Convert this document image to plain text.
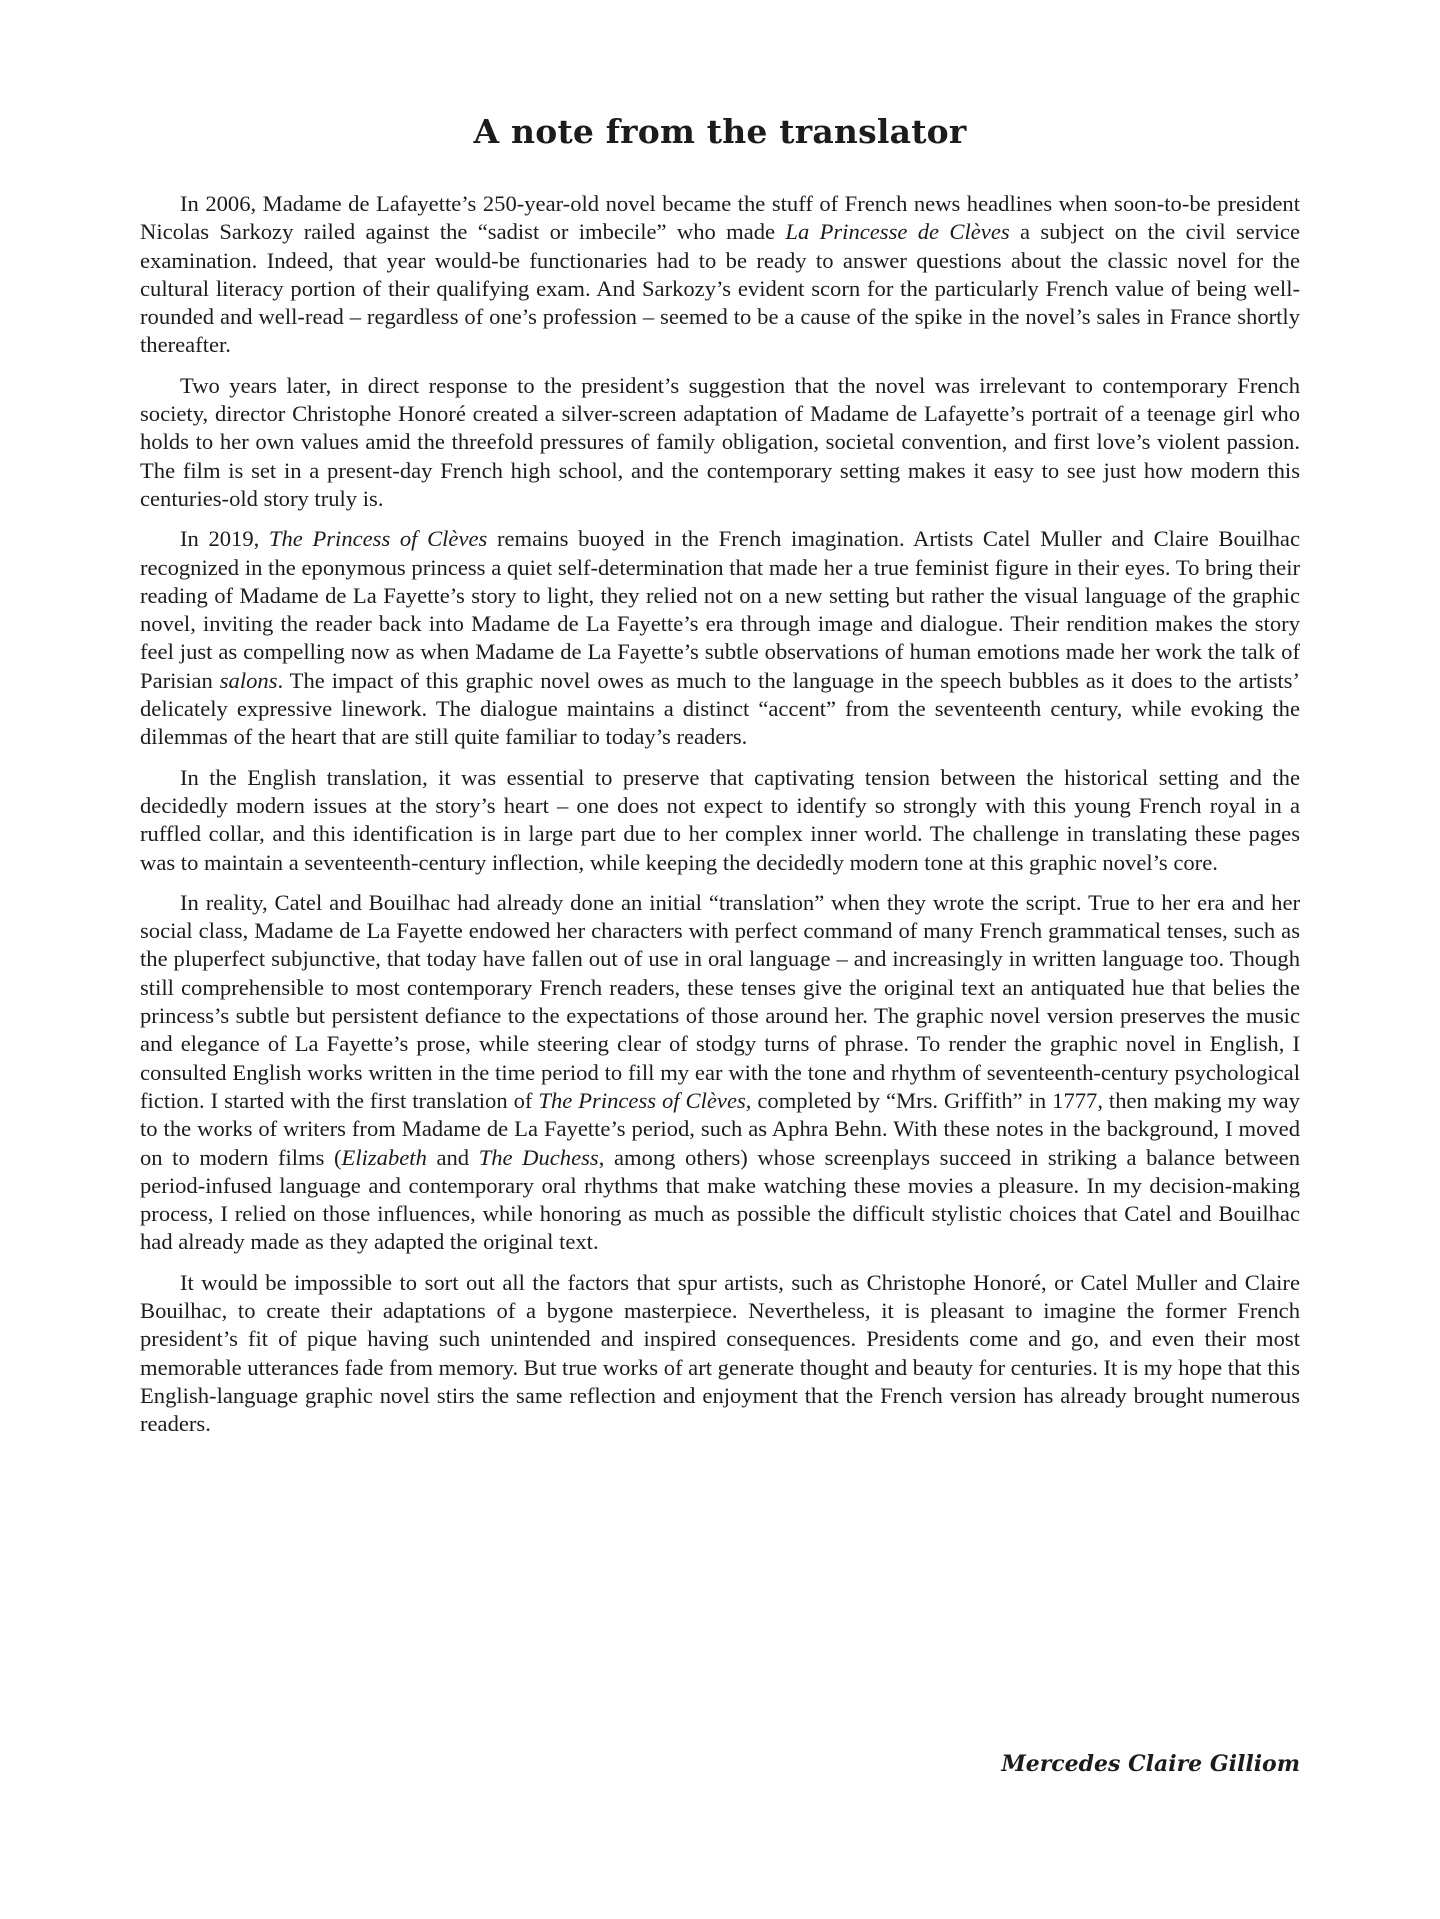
A note from the translator

In 2006, Madame de Lafayette’s 250-year-old novel became the stuff of French news headlines when soon-to-be president Nicolas Sarkozy railed against the “sadist or imbecile” who made La Princesse de Clèves a subject on the civil service examination. Indeed, that year would-be functionaries had to be ready to answer questions about the classic novel for the cultural literacy portion of their qualifying exam. And Sarkozy’s evident scorn for the particularly French value of being well-rounded and well-read – regardless of one’s profession – seemed to be a cause of the spike in the novel’s sales in France shortly thereafter.

Two years later, in direct response to the president’s suggestion that the novel was irrelevant to contemporary French society, director Christophe Honoré created a silver-screen adaptation of Madame de Lafayette’s portrait of a teenage girl who holds to her own values amid the threefold pressures of family obligation, societal convention, and first love’s violent passion. The film is set in a present-day French high school, and the contemporary setting makes it easy to see just how modern this centuries-old story truly is.

In 2019, The Princess of Clèves remains buoyed in the French imagination. Artists Catel Muller and Claire Bouilhac recognized in the eponymous princess a quiet self-determination that made her a true feminist figure in their eyes. To bring their reading of Madame de La Fayette’s story to light, they relied not on a new setting but rather the visual language of the graphic novel, inviting the reader back into Madame de La Fayette’s era through image and dialogue. Their rendition makes the story feel just as compelling now as when Madame de La Fayette’s subtle observations of human emotions made her work the talk of Parisian salons. The impact of this graphic novel owes as much to the language in the speech bubbles as it does to the artists’ delicately expressive linework. The dialogue maintains a distinct “accent” from the seventeenth century, while evoking the dilemmas of the heart that are still quite familiar to today’s readers.

In the English translation, it was essential to preserve that captivating tension between the historical setting and the decidedly modern issues at the story’s heart – one does not expect to identify so strongly with this young French royal in a ruffled collar, and this identification is in large part due to her complex inner world. The challenge in translating these pages was to maintain a seventeenth-century inflection, while keeping the decidedly modern tone at this graphic novel’s core.

In reality, Catel and Bouilhac had already done an initial “translation” when they wrote the script. True to her era and her social class, Madame de La Fayette endowed her characters with perfect command of many French grammatical tenses, such as the pluperfect subjunctive, that today have fallen out of use in oral language – and increasingly in written language too. Though still comprehensible to most contemporary French readers, these tenses give the original text an antiquated hue that belies the princess’s subtle but persistent defiance to the expectations of those around her. The graphic novel version preserves the music and elegance of La Fayette’s prose, while steering clear of stodgy turns of phrase. To render the graphic novel in English, I consulted English works written in the time period to fill my ear with the tone and rhythm of seventeenth-century psychological fiction. I started with the first translation of The Princess of Clèves, completed by “Mrs. Griffith” in 1777, then making my way to the works of writers from Madame de La Fayette’s period, such as Aphra Behn. With these notes in the background, I moved on to modern films (Elizabeth and The Duchess, among others) whose screenplays succeed in striking a balance between period-infused language and contemporary oral rhythms that make watching these movies a pleasure. In my decision-making process, I relied on those influences, while honoring as much as possible the difficult stylistic choices that Catel and Bouilhac had already made as they adapted the original text.

It would be impossible to sort out all the factors that spur artists, such as Christophe Honoré, or Catel Muller and Claire Bouilhac, to create their adaptations of a bygone masterpiece. Nevertheless, it is pleasant to imagine the former French president’s fit of pique having such unintended and inspired consequences. Presidents come and go, and even their most memorable utterances fade from memory. But true works of art generate thought and beauty for centuries. It is my hope that this English-language graphic novel stirs the same reflection and enjoyment that the French version has already brought numerous readers.

Mercedes Claire Gilliom
